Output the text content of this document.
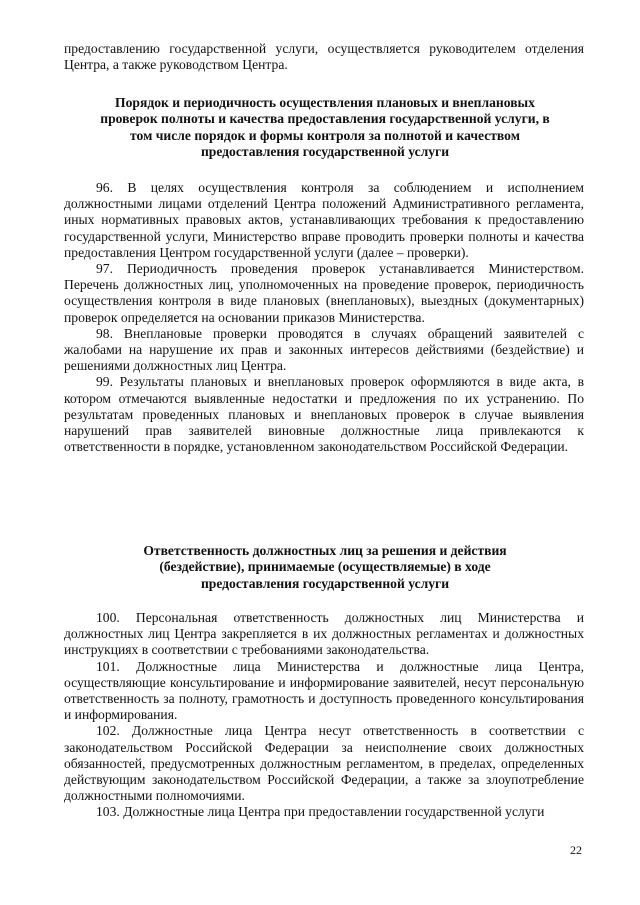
предоставлению государственной услуги, осуществляется руководителем отделения Центра, а также руководством Центра.

Порядок и периодичность осуществления плановых и внеплановых проверок полноты и качества предоставления государственной услуги, в том числе порядок и формы контроля за полнотой и качеством предоставления государственной услуги

96. В целях осуществления контроля за соблюдением и исполнением должностными лицами отделений Центра положений Административного регламента, иных нормативных правовых актов, устанавливающих требования к предоставлению государственной услуги, Министерство вправе проводить проверки полноты и качества предоставления Центром государственной услуги (далее – проверки).

97. Периодичность проведения проверок устанавливается Министерством. Перечень должностных лиц, уполномоченных на проведение проверок, периодичность осуществления контроля в виде плановых (внеплановых), выездных (документарных) проверок определяется на основании приказов Министерства.

98. Внеплановые проверки проводятся в случаях обращений заявителей с жалобами на нарушение их прав и законных интересов действиями (бездействие) и решениями должностных лиц Центра.

99. Результаты плановых и внеплановых проверок оформляются в виде акта, в котором отмечаются выявленные недостатки и предложения по их устранению. По результатам проведенных плановых и внеплановых проверок в случае выявления нарушений прав заявителей виновные должностные лица привлекаются к ответственности в порядке, установленном законодательством Российской Федерации.

Ответственность должностных лиц за решения и действия (бездействие), принимаемые (осуществляемые) в ходе предоставления государственной услуги

100. Персональная ответственность должностных лиц Министерства и должностных лиц Центра закрепляется в их должностных регламентах и должностных инструкциях в соответствии с требованиями законодательства.

101. Должностные лица Министерства и должностные лица Центра, осуществляющие консультирование и информирование заявителей, несут персональную ответственность за полноту, грамотность и доступность проведенного консультирования и информирования.

102. Должностные лица Центра несут ответственность в соответствии с законодательством Российской Федерации за неисполнение своих должностных обязанностей, предусмотренных должностным регламентом, в пределах, определенных действующим законодательством Российской Федерации, а также за злоупотребление должностными полномочиями.

103. Должностные лица Центра при предоставлении государственной услуги

22
